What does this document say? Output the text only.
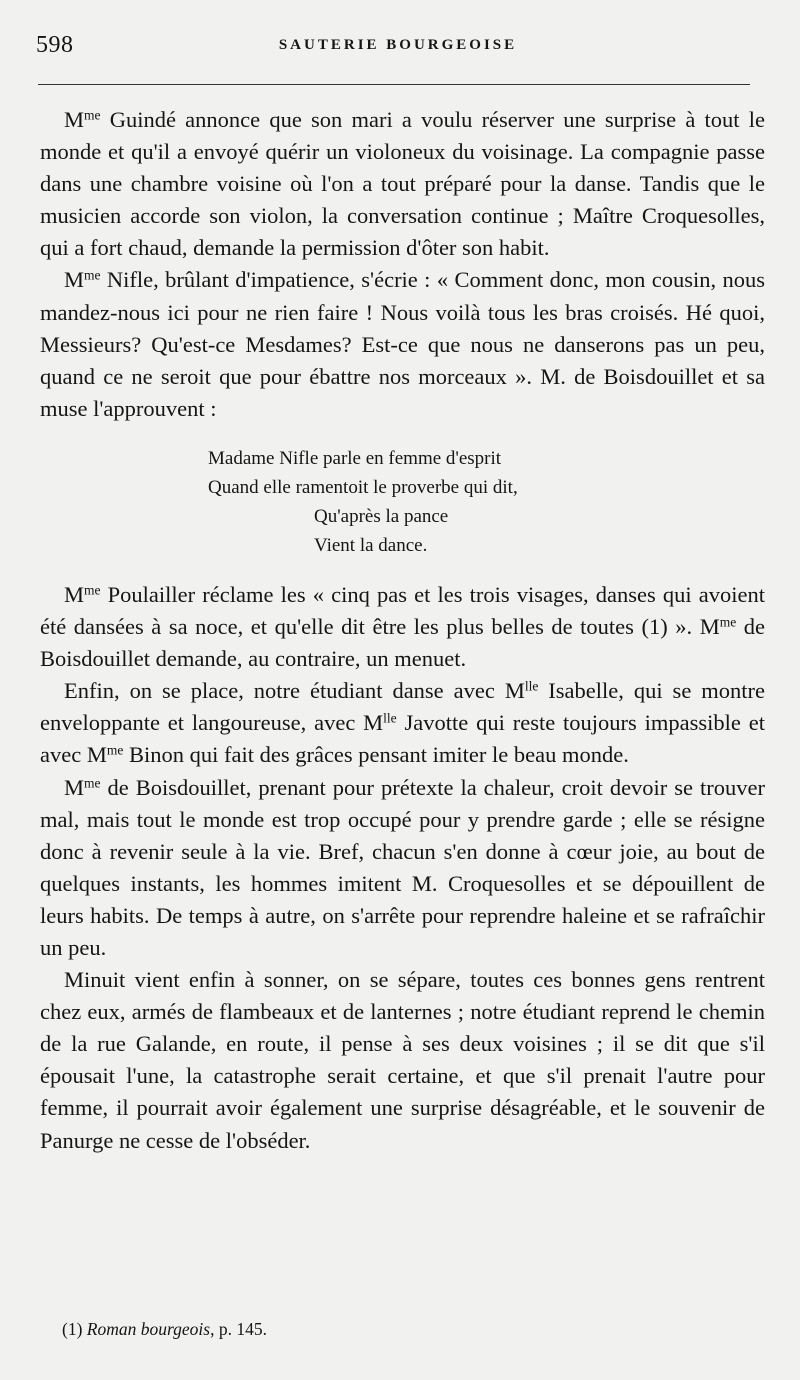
598	SAUTERIE BOURGEOISE

$M^{me}$ Guindé annonce que son mari a voulu réserver une surprise à tout le monde et qu'il a envoyé quérir un violoneux du voisinage. La compagnie passe dans une chambre voisine où l'on a tout préparé pour la danse. Tandis que le musicien accorde son violon, la conversation continue ; Maître Croquesolles, qui a fort chaud, demande la permission d'ôter son habit.

$M^{me}$ Nifle, brûlant d'impatience, s'écrie : « Comment donc, mon cousin, nous mandez-nous ici pour ne rien faire ! Nous voilà tous les bras croisés. Hé quoi, Messieurs? Qu'est-ce Mesdames? Est-ce que nous ne danserons pas un peu, quand ce ne seroit que pour ébattre nos morceaux ». M. de Boisdouillet et sa muse l'approuvent :

Madame Nifle parle en femme d'esprit
Quand elle ramentoit le proverbe qui dit,
Qu'après la pance
Vient la dance.

$M^{me}$ Poulailler réclame les « cinq pas et les trois visages, danses qui avoient été dansées à sa noce, et qu'elle dit être les plus belles de toutes (1) ». $M^{me}$ de Boisdouillet demande, au contraire, un menuet.

Enfin, on se place, notre étudiant danse avec $M^{lle}$ Isabelle, qui se montre enveloppante et langoureuse, avec $M^{lle}$ Javotte qui reste toujours impassible et avec $M^{me}$ Binon qui fait des grâces pensant imiter le beau monde.

$M^{me}$ de Boisdouillet, prenant pour prétexte la chaleur, croit devoir se trouver mal, mais tout le monde est trop occupé pour y prendre garde ; elle se résigne donc à revenir seule à la vie. Bref, chacun s'en donne à cœur joie, au bout de quelques instants, les hommes imitent M. Croquesolles et se dépouillent de leurs habits. De temps à autre, on s'arrête pour reprendre haleine et se rafraîchir un peu.

Minuit vient enfin à sonner, on se sépare, toutes ces bonnes gens rentrent chez eux, armés de flambeaux et de lanternes ; notre étudiant reprend le chemin de la rue Galande, en route, il pense à ses deux voisines ; il se dit que s'il épousait l'une, la catastrophe serait certaine, et que s'il prenait l'autre pour femme, il pourrait avoir également une surprise désagréable, et le souvenir de Panurge ne cesse de l'obséder.

(1) Roman bourgeois, p. 145.
